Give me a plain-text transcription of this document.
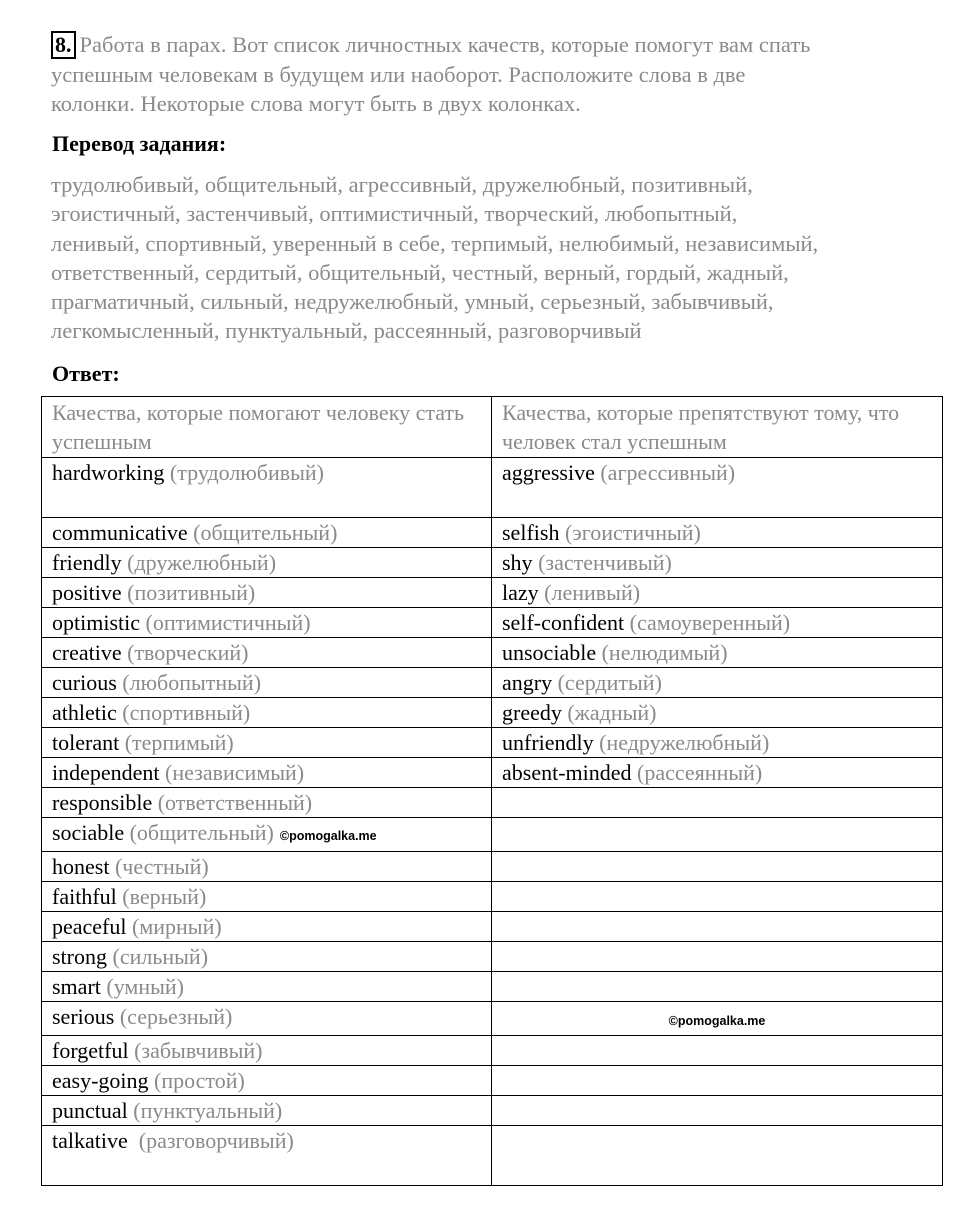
8. Работа в парах. Вот список личностных качеств, которые помогут вам спать
успешным человекам в будущем или наоборот. Расположите слова в две
колонки. Некоторые слова могут быть в двух колонках.
Перевод задания:
трудолюбивый, общительный, агрессивный, дружелюбный, позитивный,
эгоистичный, застенчивый, оптимистичный, творческий, любопытный,
ленивый, спортивный, уверенный в себе, терпимый, нелюбимый, независимый,
ответственный, сердитый, общительный, честный, верный, гордый, жадный,
прагматичный, сильный, недружелюбный, умный, серьезный, забывчивый,
легкомысленный, пунктуальный, рассеянный, разговорчивый
Ответ:
Качества, которые помогают человеку стать успешным	Качества, которые препятствуют тому, что человек стал успешным
hardworking (трудолюбивый)	aggressive (агрессивный)
communicative (общительный)	selfish (эгоистичный)
friendly (дружелюбный)	shy (застенчивый)
positive (позитивный)	lazy (ленивый)
optimistic (оптимистичный)	self-confident (самоуверенный)
creative (творческий)	unsociable (нелюдимый)
curious (любопытный)	angry (сердитый)
athletic (спортивный)	greedy (жадный)
tolerant (терпимый)	unfriendly (недружелюбный)
independent (независимый)	absent-minded (рассеянный)
responsible (ответственный)	
sociable (общительный) ©pomogalka.me	
honest (честный)	
faithful (верный)	
peaceful (мирный)	
strong (сильный)	
smart (умный)	
serious (серьезный)	©pomogalka.me
forgetful (забывчивый)	
easy-going (простой)	
punctual (пунктуальный)	
talkative  (разговорчивый)	
